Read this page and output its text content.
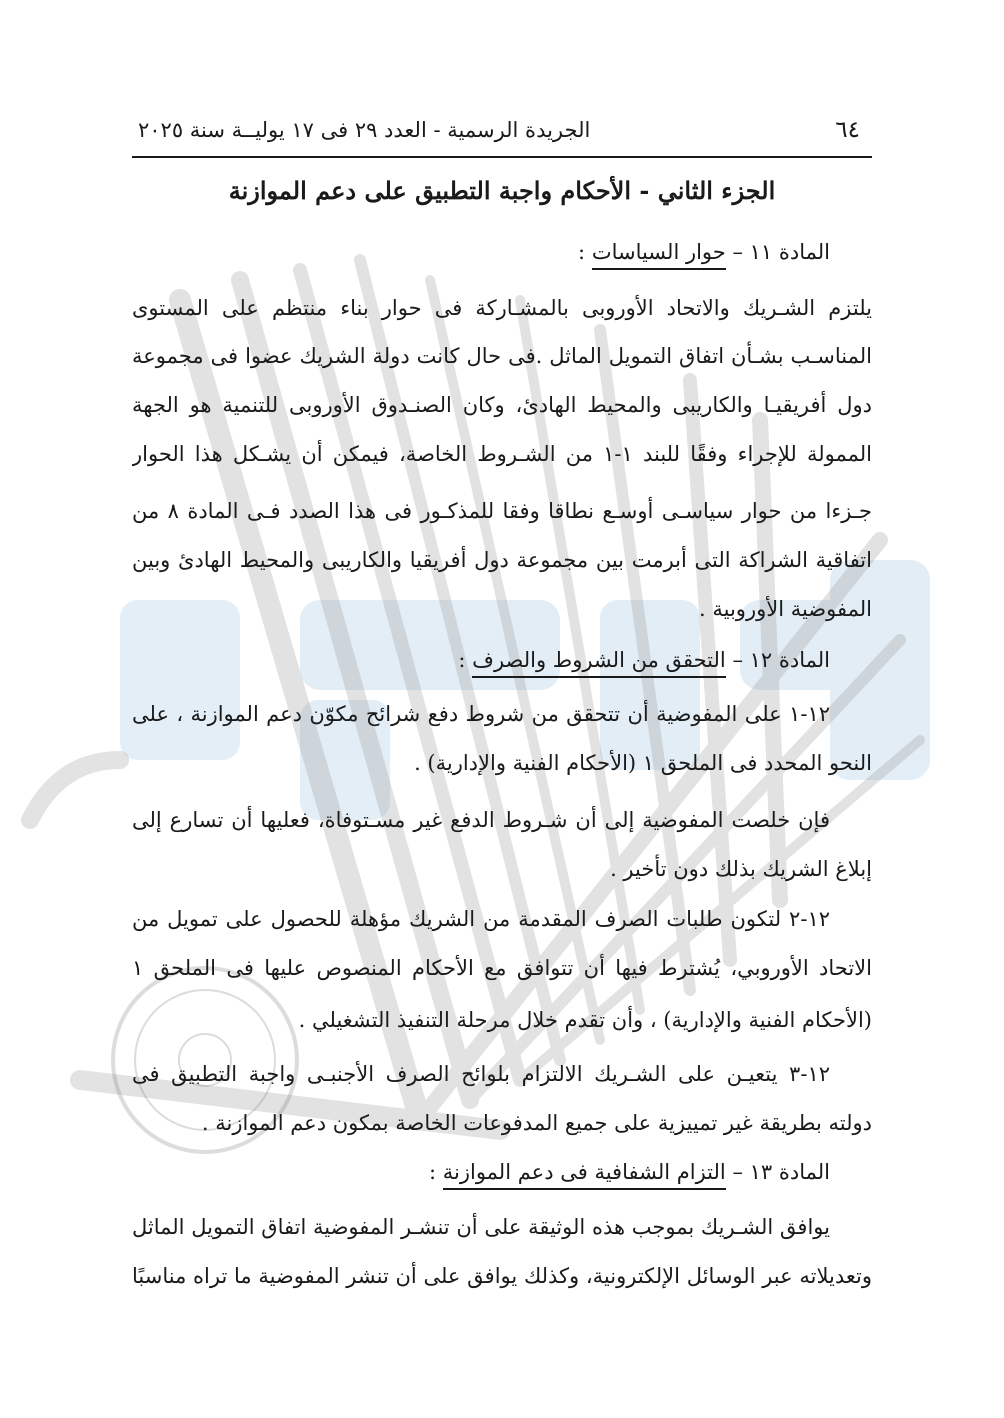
٦٤
الجريدة الرسمية - العدد ٢٩ فى ١٧ يوليــة سنة ٢٠٢٥
الجزء الثاني - الأحكام واجبة التطبيق على دعم الموازنة
المادة ١١ – حوار السياسات :
يلتزم الشـريك والاتحاد الأوروبى بالمشـاركة فى حوار بناء منتظم على المستوى
المناسـب بشـأن اتفاق التمويل الماثل .فى حال كانت دولة الشريك عضوا فى مجموعة
دول أفريقيـا والكاريبى والمحيط الهادئ، وكان الصنـدوق الأوروبى للتنمية هو الجهة
الممولة للإجراء وفقًا للبند ١-١ من الشـروط الخاصة، فيمكن أن يشـكل هذا الحوار
جـزءا من حوار سياسـى أوسـع نطاقا وفقا للمذكـور فى هذا الصدد فـى المادة ٨ من
اتفاقية الشراكة التى أبرمت بين مجموعة دول أفريقيا والكاريبى والمحيط الهادئ وبين
المفوضية الأوروبية .
المادة ١٢ – التحقق من الشروط والصرف :
١٢-١ على المفوضية أن تتحقق من شروط دفع شرائح مكوّن دعم الموازنة ، على
النحو المحدد فى الملحق ١ (الأحكام الفنية والإدارية) .
فإن خلصت المفوضية إلى أن شـروط الدفع غير مسـتوفاة، فعليها أن تسارع إلى
إبلاغ الشريك بذلك دون تأخير .
١٢-٢ لتكون طلبات الصرف المقدمة من الشريك مؤهلة للحصول على تمويل من
الاتحاد الأوروبي، يُشترط فيها أن تتوافق مع الأحكام المنصوص عليها فى الملحق ١
(الأحكام الفنية والإدارية) ، وأن تقدم خلال مرحلة التنفيذ التشغيلي .
١٢-٣ يتعيـن على الشـريك الالتزام بلوائح الصرف الأجنبـى واجبة التطبيق فى
دولته بطريقة غير تمييزية على جميع المدفوعات الخاصة بمكون دعم الموازنة .
المادة ١٣ – التزام الشفافية فى دعم الموازنة :
يوافق الشـريك بموجب هذه الوثيقة على أن تنشـر المفوضية اتفاق التمويل الماثل
وتعديلاته عبر الوسائل الإلكترونية، وكذلك يوافق على أن تنشر المفوضية ما تراه مناسبًا
